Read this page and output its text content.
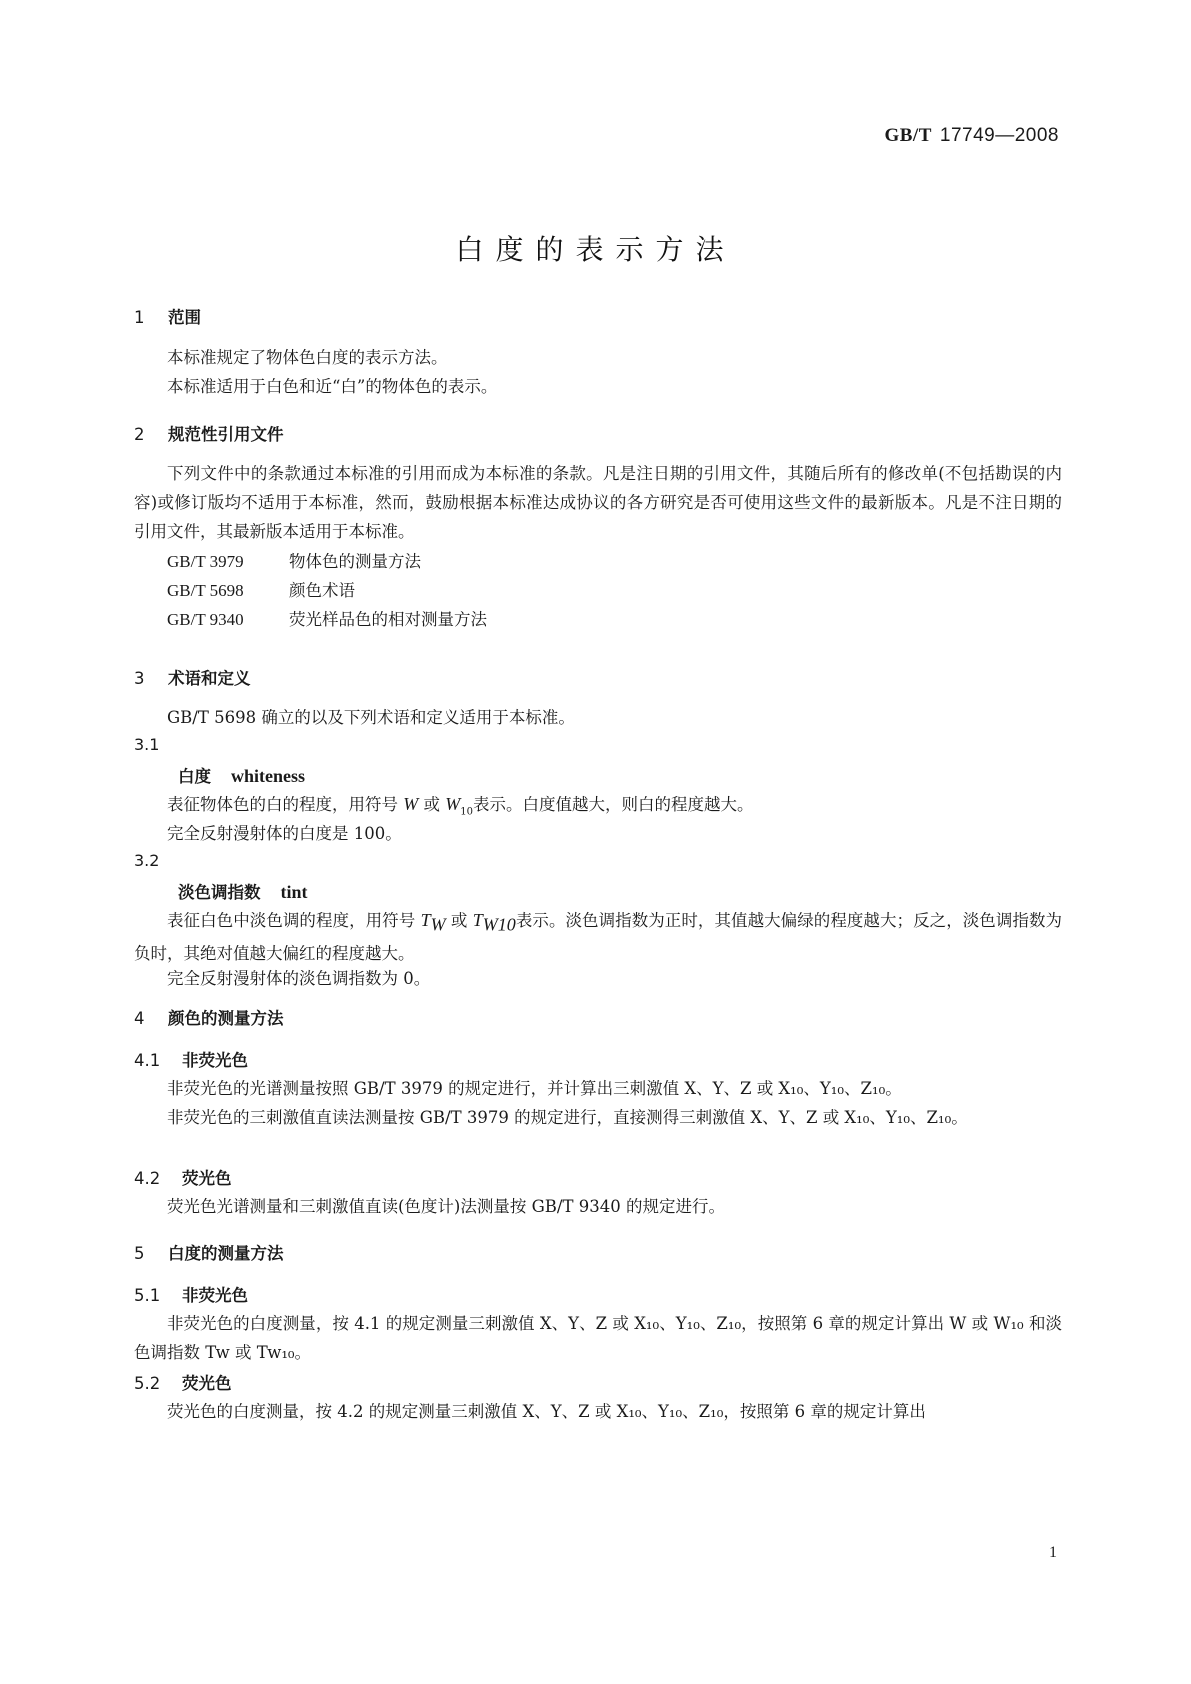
GB/T 17749—2008
白度的表示方法
1 范围
本标准规定了物体色白度的表示方法。
本标准适用于白色和近“白”的物体色的表示。
2 规范性引用文件
下列文件中的条款通过本标准的引用而成为本标准的条款。凡是注日期的引用文件，其随后所有的修改单(不包括勘误的内容)或修订版均不适用于本标准，然而，鼓励根据本标准达成协议的各方研究是否可使用这些文件的最新版本。凡是不注日期的引用文件，其最新版本适用于本标准。
GB/T 3979	物体色的测量方法
GB/T 5698	颜色术语
GB/T 9340	荧光样品色的相对测量方法
3 术语和定义
GB/T 5698 确立的以及下列术语和定义适用于本标准。
3.1
白度 whiteness
表征物体色的白的程度，用符号 W 或 $W_{10}$表示。白度值越大，则白的程度越大。
完全反射漫射体的白度是 100。
3.2
淡色调指数 tint
表征白色中淡色调的程度，用符号 $T_W$ 或 $T_{W10}$表示。淡色调指数为正时，其值越大偏绿的程度越大；反之，淡色调指数为负时，其绝对值越大偏红的程度越大。
完全反射漫射体的淡色调指数为 0。
4 颜色的测量方法
4.1 非荧光色
非荧光色的光谱测量按照 GB/T 3979 的规定进行，并计算出三刺激值 X、Y、Z 或 X₁₀、Y₁₀、Z₁₀。
非荧光色的三刺激值直读法测量按 GB/T 3979 的规定进行，直接测得三刺激值 X、Y、Z 或 X₁₀、Y₁₀、Z₁₀。
4.2 荧光色
荧光色光谱测量和三刺激值直读(色度计)法测量按 GB/T 9340 的规定进行。
5 白度的测量方法
5.1 非荧光色
非荧光色的白度测量，按 4.1 的规定测量三刺激值 X、Y、Z 或 X₁₀、Y₁₀、Z₁₀，按照第 6 章的规定计算出 W 或 W₁₀ 和淡色调指数 Tw 或 Tw₁₀。
5.2 荧光色
荧光色的白度测量，按 4.2 的规定测量三刺激值 X、Y、Z 或 X₁₀、Y₁₀、Z₁₀，按照第 6 章的规定计算出
1
